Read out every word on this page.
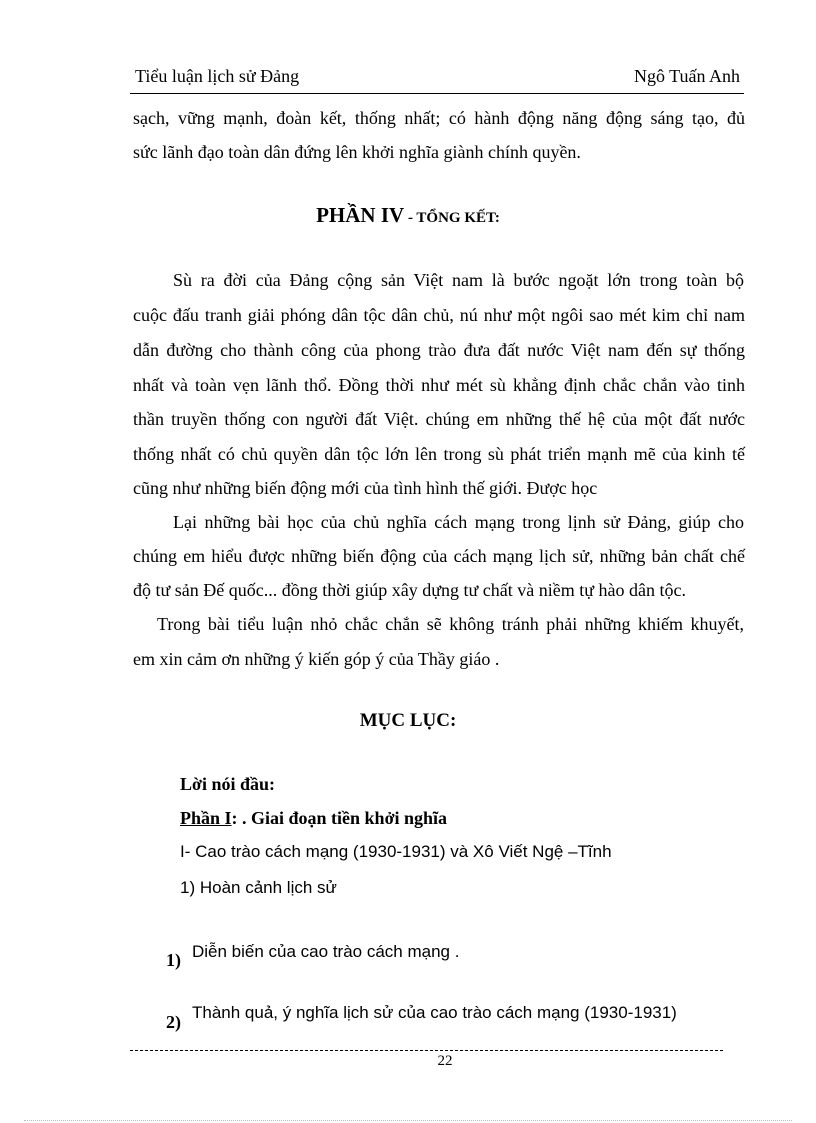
Tiểu luận lịch sử Đảng	Ngô Tuấn Anh
sạch, vững mạnh, đoàn kết, thống nhất; có hành động năng động sáng tạo, đủ
sức lãnh đạo toàn dân đứng lên khởi nghĩa giành chính quyền.
PHẦN IV - TỔNG KẾT:
Sù ra đời của Đảng cộng sản Việt nam là bước ngoặt lớn trong toàn bộ
cuộc đấu tranh giải phóng dân tộc dân chủ, nú như một ngôi sao mét kim chỉ nam
dẫn đường cho thành công của phong trào đưa đất nước Việt nam đến sự thống
nhất và toàn vẹn lãnh thổ. Đồng thời như mét sù khẳng định chắc chắn vào tinh
thần truyền thống con người đất Việt. chúng em những thế hệ của một đất nước
thống nhất có chủ quyền dân tộc lớn lên trong sù phát triển mạnh mẽ của kinh tế
cũng như những biến động mới của tình hình thế giới. Được học
Lại những bài học của chủ nghĩa cách mạng trong lịnh sử Đảng, giúp cho
chúng em hiểu được những biến động của cách mạng lịch sử, những bản chất chế
độ tư sản Đế quốc... đồng thời giúp xây dựng tư chất và niềm tự hào dân tộc.
Trong bài tiểu luận nhỏ chắc chắn sẽ không tránh phải những khiếm khuyết,
em xin cảm ơn những ý kiến góp ý của Thầy giáo .
MỤC LỤC:
Lời nói đầu:
Phần I: . Giai đoạn tiền khởi nghĩa
I- Cao trào cách mạng (1930-1931) và Xô Viết Ngệ –Tĩnh
1) Hoàn cảnh lịch sử
1) Diễn biến của cao trào cách mạng .
2) Thành quả, ý nghĩa lịch sử của cao trào cách mạng (1930-1931)
22
